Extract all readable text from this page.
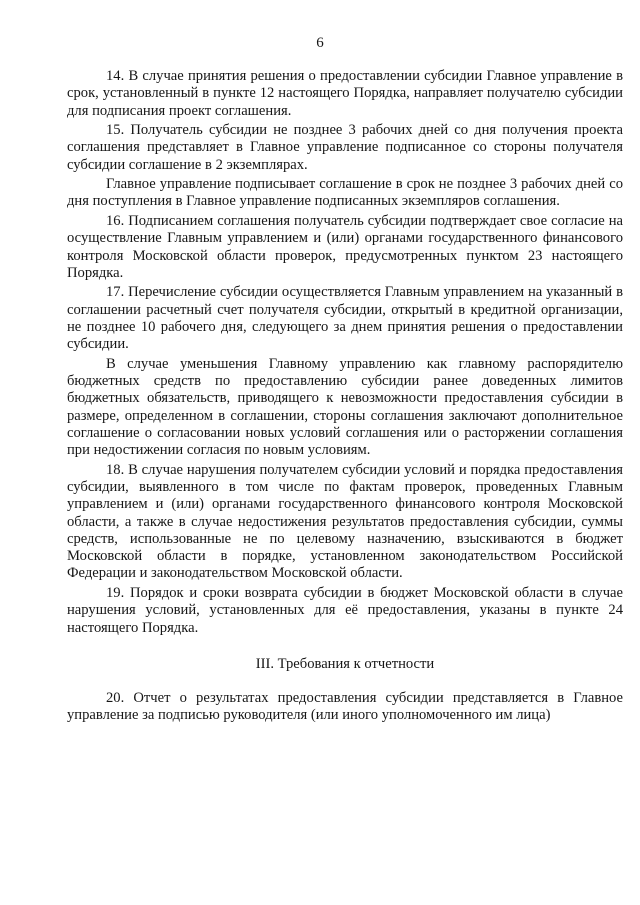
6

14. В случае принятия решения о предоставлении субсидии Главное управление в срок, установленный в пункте 12 настоящего Порядка, направляет получателю субсидии для подписания проект соглашения.

15. Получатель субсидии не позднее 3 рабочих дней со дня получения проекта соглашения представляет в Главное управление подписанное со стороны получателя субсидии соглашение в 2 экземплярах.

Главное управление подписывает соглашение в срок не позднее 3 рабочих дней со дня поступления в Главное управление подписанных экземпляров соглашения.

16. Подписанием соглашения получатель субсидии подтверждает свое согласие на осуществление Главным управлением и (или) органами государственного финансового контроля Московской области проверок, предусмотренных пунктом 23 настоящего Порядка.

17. Перечисление субсидии осуществляется Главным управлением на указанный в соглашении расчетный счет получателя субсидии, открытый в кредитной организации, не позднее 10 рабочего дня, следующего за днем принятия решения о предоставлении субсидии.

В случае уменьшения Главному управлению как главному распорядителю бюджетных средств по предоставлению субсидии ранее доведенных лимитов бюджетных обязательств, приводящего к невозможности предоставления субсидии в размере, определенном в соглашении, стороны соглашения заключают дополнительное соглашение о согласовании новых условий соглашения или о расторжении соглашения при недостижении согласия по новым условиям.

18. В случае нарушения получателем субсидии условий и порядка предоставления субсидии, выявленного в том числе по фактам проверок, проведенных Главным управлением и (или) органами государственного финансового контроля Московской области, а также в случае недостижения результатов предоставления субсидии, суммы средств, использованные не по целевому назначению, взыскиваются в бюджет Московской области в порядке, установленном законодательством Российской Федерации и законодательством Московской области.

19. Порядок и сроки возврата субсидии в бюджет Московской области в случае нарушения условий, установленных для её предоставления, указаны в пункте 24 настоящего Порядка.

III. Требования к отчетности

20. Отчет о результатах предоставления субсидии представляется в Главное управление за подписью руководителя (или иного уполномоченного им лица)
